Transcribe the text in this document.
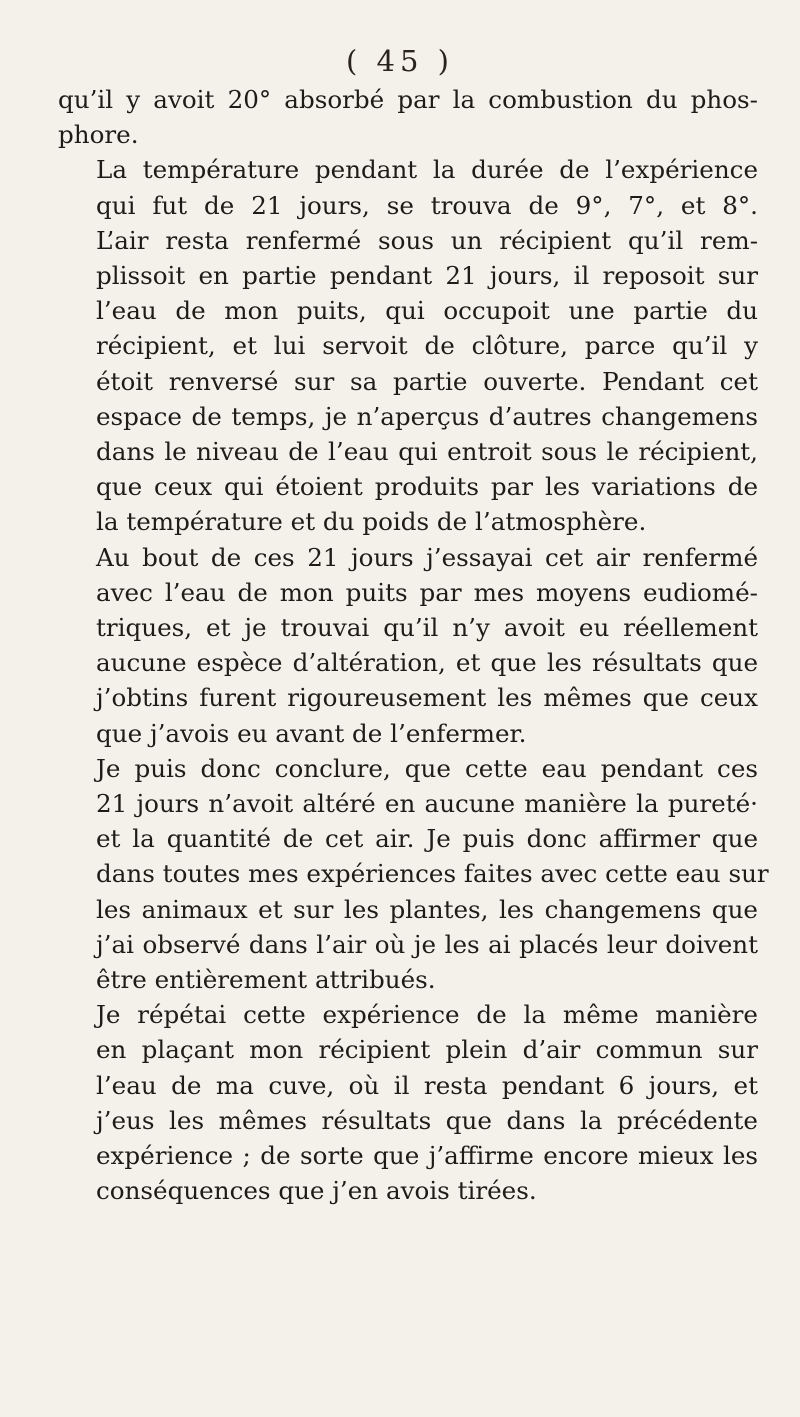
( 45 )

qu’il y avoit 20° absorbé par la combustion du phos-
phore.

La température pendant la durée de l’expérience
qui fut de 21 jours, se trouva de 9°, 7°, et 8°.
L’air resta renfermé sous un récipient qu’il rem-
plissoit en partie pendant 21 jours, il reposoit sur
l’eau de mon puits, qui occupoit une partie du
récipient, et lui servoit de clôture, parce qu’il y
étoit renversé sur sa partie ouverte. Pendant cet
espace de temps, je n’aperçus d’autres changemens
dans le niveau de l’eau qui entroit sous le récipient,
que ceux qui étoient produits par les variations de
la température et du poids de l’atmosphère.

Au bout de ces 21 jours j’essayai cet air renfermé
avec l’eau de mon puits par mes moyens eudiomé-
triques, et je trouvai qu’il n’y avoit eu réellement
aucune espèce d’altération, et que les résultats que
j’obtins furent rigoureusement les mêmes que ceux
que j’avois eu avant de l’enfermer.

Je puis donc conclure, que cette eau pendant ces
21 jours n’avoit altéré en aucune manière la pureté·
et la quantité de cet air. Je puis donc affirmer que
dans toutes mes expériences faites avec cette eau sur
les animaux et sur les plantes, les changemens que
j’ai observé dans l’air où je les ai placés leur doivent
être entièrement attribués.

Je répétai cette expérience de la même manière
en plaçant mon récipient plein d’air commun sur
l’eau de ma cuve, où il resta pendant 6 jours, et
j’eus les mêmes résultats que dans la précédente
expérience ; de sorte que j’affirme encore mieux les
conséquences que j’en avois tirées.
